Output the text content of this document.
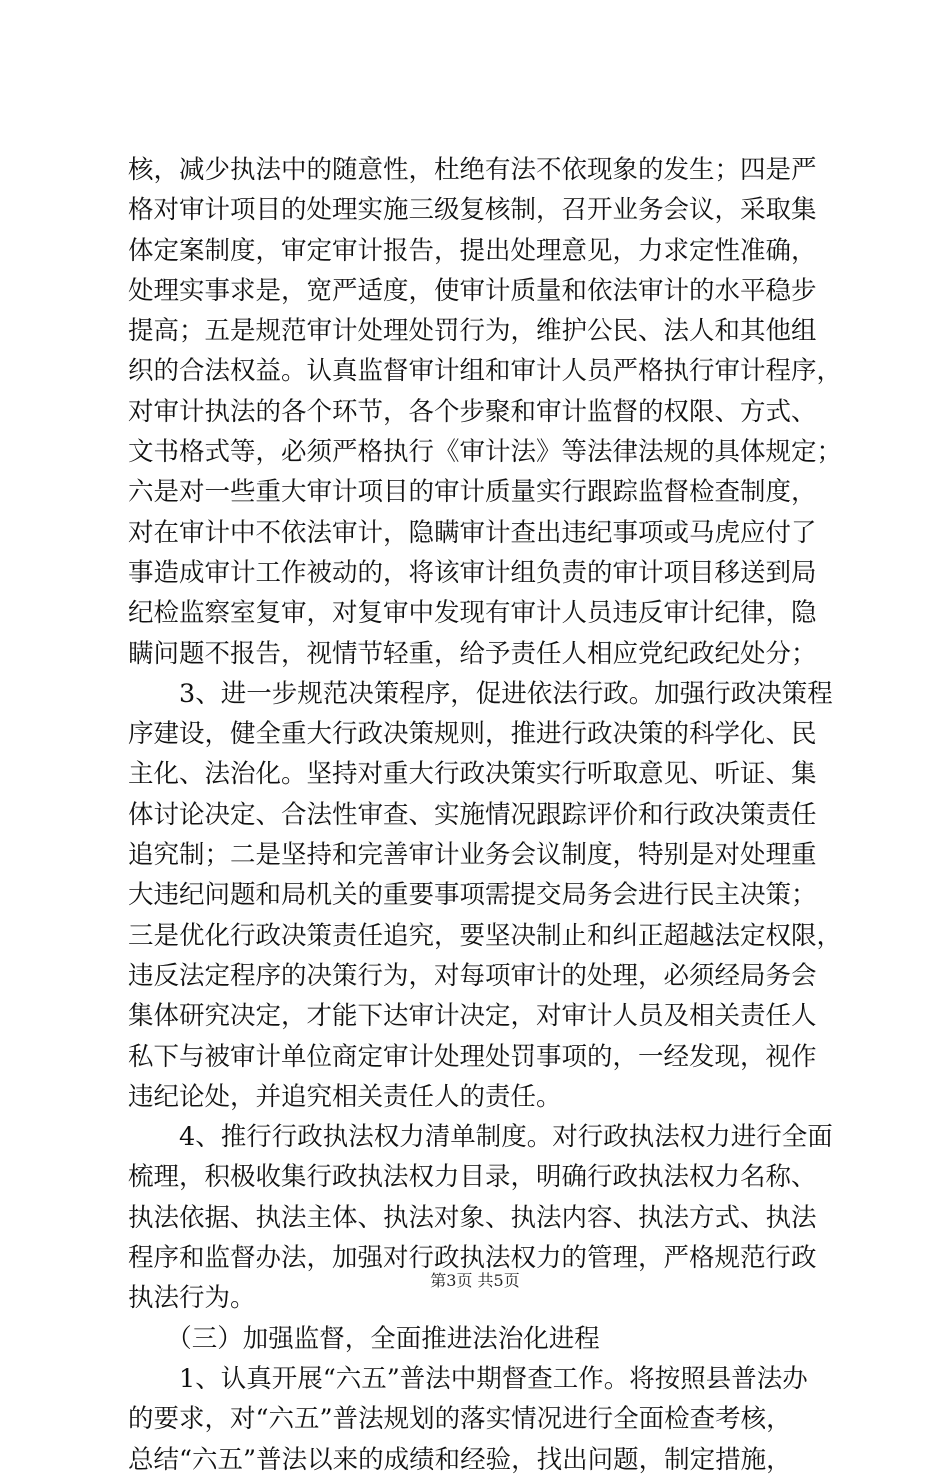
核，减少执法中的随意性，杜绝有法不依现象的发生；四是严
格对审计项目的处理实施三级复核制，召开业务会议，采取集
体定案制度，审定审计报告，提出处理意见，力求定性准确，
处理实事求是，宽严适度，使审计质量和依法审计的水平稳步
提高；五是规范审计处理处罚行为，维护公民、法人和其他组
织的合法权益。认真监督审计组和审计人员严格执行审计程序，
对审计执法的各个环节，各个步聚和审计监督的权限、方式、
文书格式等，必须严格执行《审计法》等法律法规的具体规定；
六是对一些重大审计项目的审计质量实行跟踪监督检查制度，
对在审计中不依法审计，隐瞒审计查出违纪事项或马虎应付了
事造成审计工作被动的，将该审计组负责的审计项目移送到局
纪检监察室复审，对复审中发现有审计人员违反审计纪律，隐
瞒问题不报告，视情节轻重，给予责任人相应党纪政纪处分；
　　3、进一步规范决策程序，促进依法行政。加强行政决策程
序建设，健全重大行政决策规则，推进行政决策的科学化、民
主化、法治化。坚持对重大行政决策实行听取意见、听证、集
体讨论决定、合法性审查、实施情况跟踪评价和行政决策责任
追究制；二是坚持和完善审计业务会议制度，特别是对处理重
大违纪问题和局机关的重要事项需提交局务会进行民主决策；
三是优化行政决策责任追究，要坚决制止和纠正超越法定权限，
违反法定程序的决策行为，对每项审计的处理，必须经局务会
集体研究决定，才能下达审计决定，对审计人员及相关责任人
私下与被审计单位商定审计处理处罚事项的，一经发现，视作
违纪论处，并追究相关责任人的责任。
　　4、推行行政执法权力清单制度。对行政执法权力进行全面
梳理，积极收集行政执法权力目录，明确行政执法权力名称、
执法依据、执法主体、执法对象、执法内容、执法方式、执法
程序和监督办法，加强对行政执法权力的管理，严格规范行政
执法行为。
　　（三）加强监督，全面推进法治化进程
　　1、认真开展“六五”普法中期督查工作。将按照县普法办
的要求，对“六五”普法规划的落实情况进行全面检查考核，
总结“六五”普法以来的成绩和经验，找出问题，制定措施，
第3页 共5页
